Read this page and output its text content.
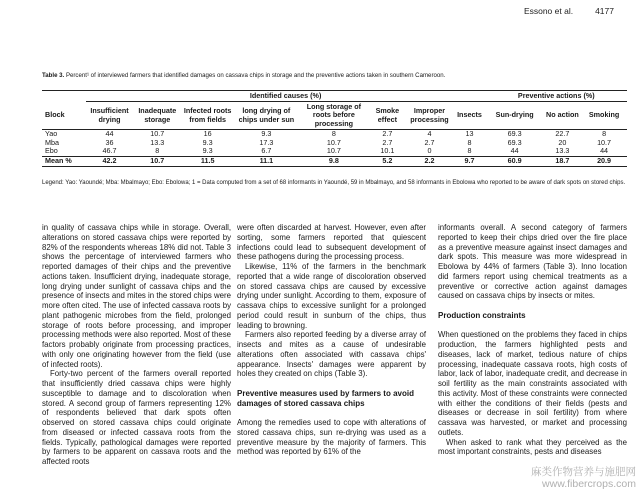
Essono et al.	4177
Table 3. Percent¹ of interviewed farmers that identified damages on cassava chips in storage and the preventive actions taken in southern Cameroon.
	Identified causes (%)								Preventive actions (%)		
Block	Insufficient drying	Inadequate storage	Infected roots from fields	long drying of chips under sun	Long storage of roots before processing	Smoke effect	Improper processing	Insects	Sun-drying	No action	Smoking
Yao	44	10.7	16	9.3	8	2.7	4	13	69.3	22.7	8
Mba	36	13.3	9.3	17.3	10.7	2.7	2.7	8	69.3	20	10.7
Ebo	46.7	8	9.3	6.7	10.7	10.1	0	8	44	13.3	44
Mean %	42.2	10.7	11.5	11.1	9.8	5.2	2.2	9.7	60.9	18.7	20.9
Legend: Yao: Yaoundé; Mba: Mbalmayo; Ebo: Ebolowa; 1 = Data computed from a set of 68 informants in Yaoundé, 59 in Mbalmayo, and 58 informants in Ebolowa who reported to be aware of dark spots on stored chips.

in quality of cassava chips while in storage. Overall, alterations on stored cassava chips were reported by 82% of the respondents whereas 18% did not. Table 3 shows the percentage of interviewed farmers who reported damages of their chips and the preventive actions taken. Insufficient drying, inadequate storage, long drying under sunlight of cassava chips and the presence of insects and mites in the stored chips were more often cited. The use of infected cassava roots by plant pathogenic microbes from the field, prolonged storage of roots before processing, and improper processing methods were also reported. Most of these factors probably originate from processing practices, with only one originating however from the field (use of infected roots).

Forty-two percent of the farmers overall reported that insufficiently dried cassava chips were highly susceptible to damage and to discoloration when stored. A second group of farmers representing 12% of respondents believed that dark spots often observed on stored cassava chips could originate from diseased or infected cassava roots from the fields. Typically, pathological damages were reported by farmers to be apparent on cassava roots and the affected roots

were often discarded at harvest. However, even after sorting, some farmers reported that quiescent infections could lead to subsequent development of these pathogens during the processing process.

Likewise, 11% of the farmers in the benchmark reported that a wide range of discoloration observed on stored cassava chips are caused by excessive drying under sunlight. According to them, exposure of cassava chips to excessive sunlight for a prolonged period could result in sunburn of the chips, thus leading to browning.

Farmers also reported feeding by a diverse array of insects and mites as a cause of undesirable alterations often associated with cassava chips' appearance. Insects' damages were apparent by holes they created on chips (Table 3).

Preventive measures used by farmers to avoid damages of stored cassava chips

Among the remedies used to cope with alterations of stored cassava chips, sun re-drying was used as a preventive measure by the majority of farmers. This method was reported by 61% of the

informants overall. A second category of farmers reported to keep their chips dried over the fire place as a preventive measure against insect damages and dark spots. This measure was more widespread in Ebolowa by 44% of farmers (Table 3). Inno location did farmers report using chemical treatments as a preventive or corrective action against damages caused on cassava chips by insects or mites.

Production constraints

When questioned on the problems they faced in chips production, the farmers highlighted pests and diseases, lack of market, tedious nature of chips processing, inadequate cassava roots, high costs of labor, lack of labor, inadequate credit, and decrease in soil fertility as the main constraints associated with this activity. Most of these constraints were connected with either the conditions of their fields (pests and diseases or decrease in soil fertility) from where cassava was harvested, or market and processing outlets.

When asked to rank what they perceived as the most important constraints, pests and diseases

麻类作物营养与施肥网
www.fibercrops.com
